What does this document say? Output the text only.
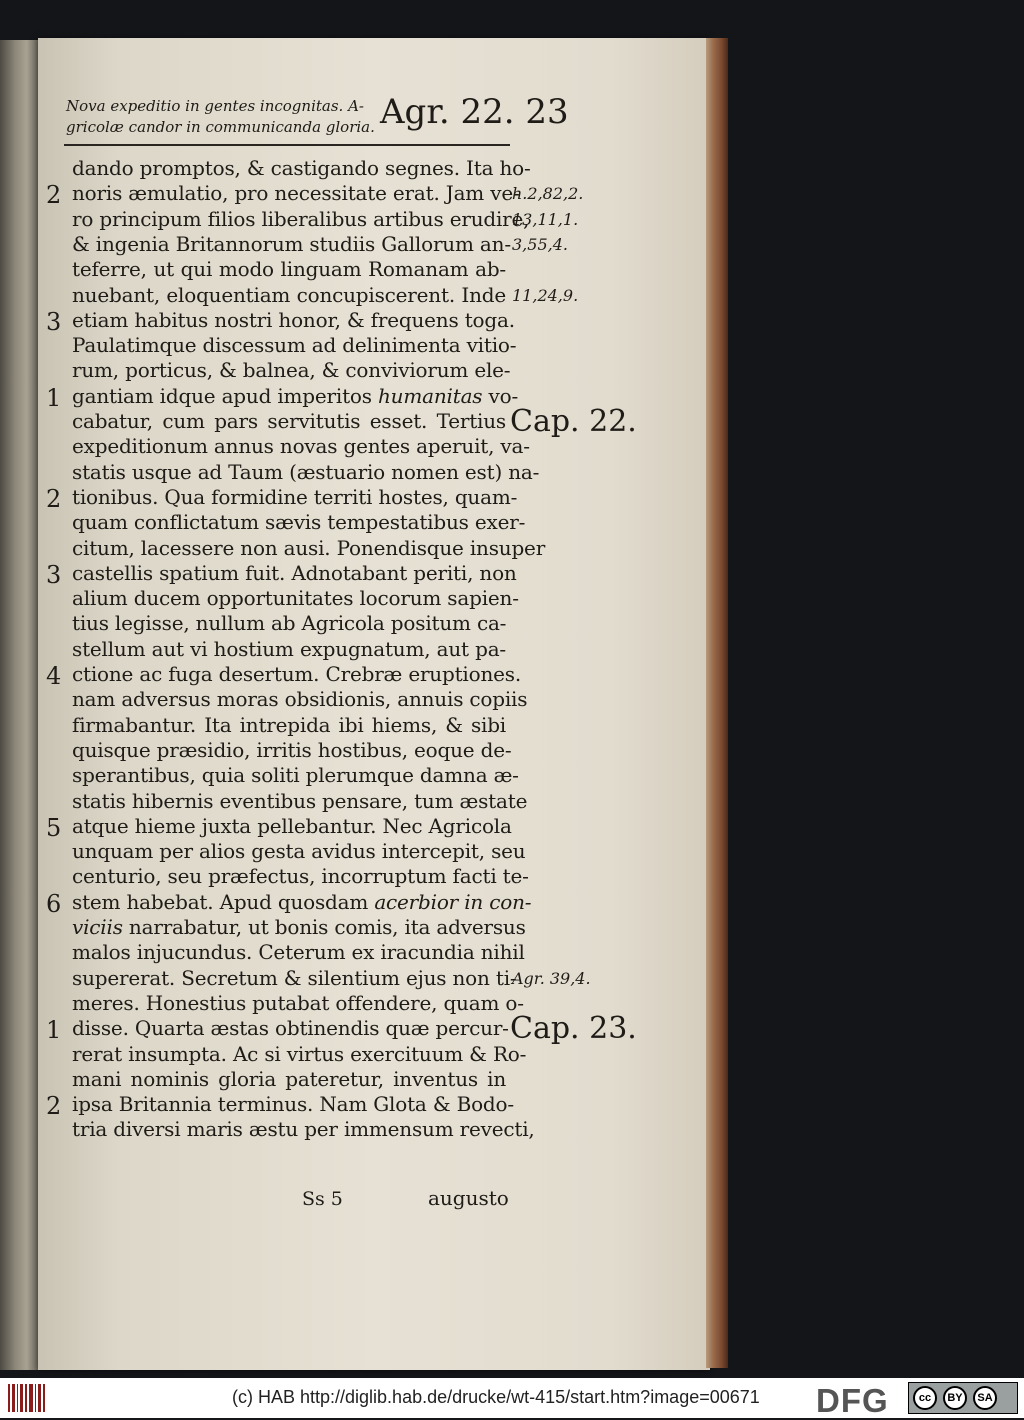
Nova expeditio in gentes incognitas. A-
gricolæ candor in communicanda gloria. Agr. 22. 23
dando promptos, & castigando segnes. Ita ho-
noris æmulatio, pro necessitate erat. Jam ve-
ro principum filios liberalibus artibus erudire,
& ingenia Britannorum studiis Gallorum an-
teferre, ut qui modo linguam Romanam ab-
nuebant, eloquentiam concupiscerent. Inde
etiam habitus nostri honor, & frequens toga.
Paulatimque discessum ad delinimenta vitio-
rum, porticus, & balnea, & conviviorum ele-
gantiam idque apud imperitos humanitas vo-
cabatur, cum pars servitutis esset. Tertius
expeditionum annus novas gentes aperuit, va-
statis usque ad Taum (æstuario nomen est) na-
tionibus. Qua formidine territi hostes, quam-
quam conflictatum sævis tempestatibus exer-
citum, lacessere non ausi. Ponendisque insuper
castellis spatium fuit. Adnotabant periti, non
alium ducem opportunitates locorum sapien-
tius legisse, nullum ab Agricola positum ca-
stellum aut vi hostium expugnatum, aut pa-
ctione ac fuga desertum. Crebræ eruptiones.
nam adversus moras obsidionis, annuis copiis
firmabantur. Ita intrepida ibi hiems, & sibi
quisque præsidio, irritis hostibus, eoque de-
sperantibus, quia soliti plerumque damna æ-
statis hibernis eventibus pensare, tum æstate
atque hieme juxta pellebantur. Nec Agricola
unquam per alios gesta avidus intercepit, seu
centurio, seu præfectus, incorruptum facti te-
stem habebat. Apud quosdam acerbior in con-
viciis narrabatur, ut bonis comis, ita adversus
malos injucundus. Ceterum ex iracundia nihil
supererat. Secretum & silentium ejus non ti-
meres. Honestius putabat offendere, quam o-
disse. Quarta æstas obtinendis quæ percur-
rerat insumpta. Ac si virtus exercituum & Ro-
mani nominis gloria pateretur, inventus in
ipsa Britannia terminus. Nam Glota & Bodo-
tria diversi maris æstu per immensum revecti,
2
3
1
2
3
4
5
6
1
2
h.2,82,2.
13,11,1.
3,55,4.
11,24,9.
Agr. 39,4.
Cap. 22.
Cap. 23.
Ss 5	augusto
(c) HAB http://diglib.hab.de/drucke/wt-415/start.htm?image=00671 DFG	cc	BY	SA
